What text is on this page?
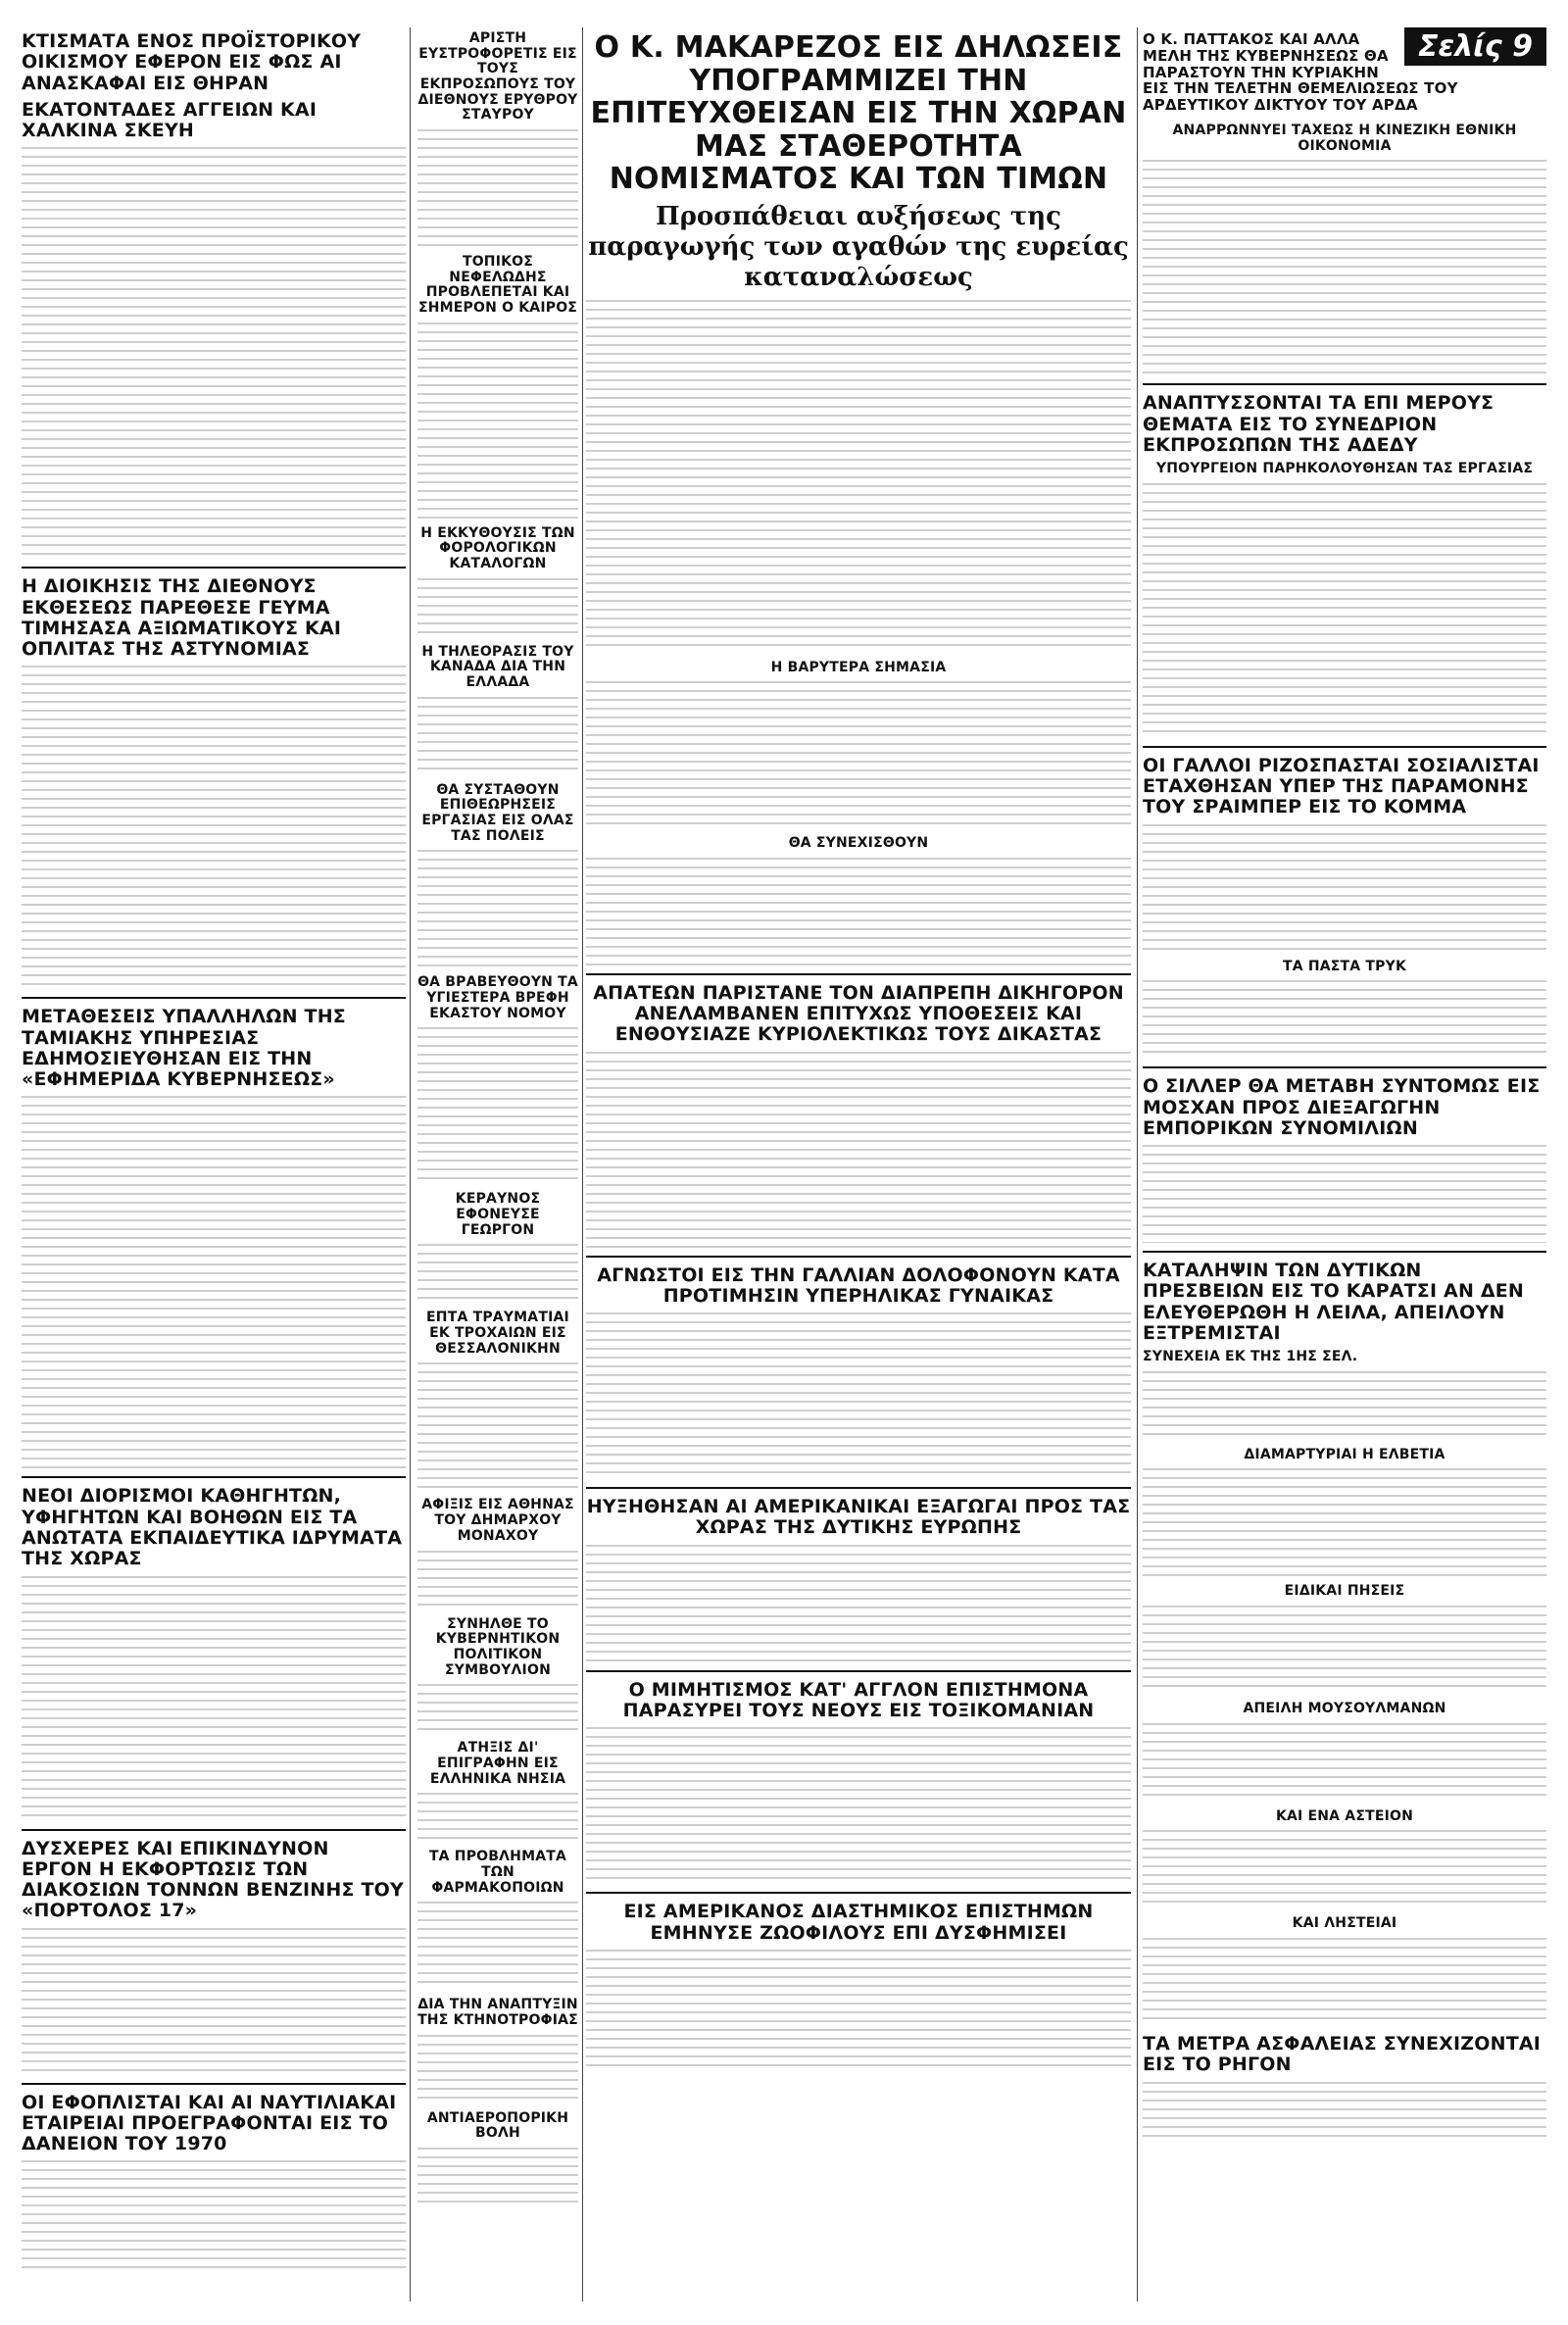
ΚΤΙΣΜΑΤΑ ΕΝΟΣ ΠΡΟΪΣΤΟΡΙΚΟΥ ΟΙΚΙΣΜΟΥ ΕΦΕΡΟΝ ΕΙΣ ΦΩΣ ΑΙ ΑΝΑΣΚΑΦΑΙ ΕΙΣ ΘΗΡΑΝ
ΕΚΑΤΟΝΤΑΔΕΣ ΑΓΓΕΙΩΝ ΚΑΙ ΧΑΛΚΙΝΑ ΣΚΕΥΗ
Η ΔΙΟΙΚΗΣΙΣ ΤΗΣ ΔΙΕΘΝΟΥΣ ΕΚΘΕΣΕΩΣ ΠΑΡΕΘΕΣΕ ΓΕΥΜΑ ΤΙΜΗΣΑΣΑ ΑΞΙΩΜΑΤΙΚΟΥΣ ΚΑΙ ΟΠΛΙΤΑΣ ΤΗΣ ΑΣΤΥΝΟΜΙΑΣ
ΜΕΤΑΘΕΣΕΙΣ ΥΠΑΛΛΗΛΩΝ ΤΗΣ ΤΑΜΙΑΚΗΣ ΥΠΗΡΕΣΙΑΣ ΕΔΗΜΟΣΙΕΥΘΗΣΑΝ ΕΙΣ ΤΗΝ «ΕΦΗΜΕΡΙΔΑ ΚΥΒΕΡΝΗΣΕΩΣ»
ΝΕΟΙ ΔΙΟΡΙΣΜΟΙ ΚΑΘΗΓΗΤΩΝ, ΥΦΗΓΗΤΩΝ ΚΑΙ ΒΟΗΘΩΝ ΕΙΣ ΤΑ ΑΝΩΤΑΤΑ ΕΚΠΑΙΔΕΥΤΙΚΑ ΙΔΡΥΜΑΤΑ ΤΗΣ ΧΩΡΑΣ
ΔΥΣΧΕΡΕΣ ΚΑΙ ΕΠΙΚΙΝΔΥΝΟΝ ΕΡΓΟΝ Η ΕΚΦΟΡΤΩΣΙΣ ΤΩΝ ΔΙΑΚΟΣΙΩΝ ΤΟΝΝΩΝ ΒΕΝΖΙΝΗΣ ΤΟΥ «ΠΟΡΤΟΛΟΣ 17»
ΟΙ ΕΦΟΠΛΙΣΤΑΙ ΚΑΙ ΑΙ ΝΑΥΤΙΛΙΑΚΑΙ ΕΤΑΙΡΕΙΑΙ ΠΡΟΕΓΡΑΦΟΝΤΑΙ ΕΙΣ ΤΟ ΔΑΝΕΙΟΝ ΤΟΥ 1970
ΑΡΙΣΤΗ ΕΥΣΤΡΟΦΟΡΕΤΙΣ ΕΙΣ ΤΟΥΣ ΕΚΠΡΟΣΩΠΟΥΣ ΤΟΥ ΔΙΕΘΝΟΥΣ ΕΡΥΘΡΟΥ ΣΤΑΥΡΟΥ
ΤΟΠΙΚΟΣ ΝΕΦΕΛΩΔΗΣ ΠΡΟΒΛΕΠΕΤΑΙ ΚΑΙ ΣΗΜΕΡΟΝ Ο ΚΑΙΡΟΣ
Η ΕΚΚΥΘΟΥΣΙΣ ΤΩΝ ΦΟΡΟΛΟΓΙΚΩΝ ΚΑΤΑΛΟΓΩΝ
Η ΤΗΛΕΟΡΑΣΙΣ ΤΟΥ ΚΑΝΑΔΑ ΔΙΑ ΤΗΝ ΕΛΛΑΔΑ
ΘΑ ΣΥΣΤΑΘΟΥΝ ΕΠΙΘΕΩΡΗΣΕΙΣ ΕΡΓΑΣΙΑΣ ΕΙΣ ΟΛΑΣ ΤΑΣ ΠΟΛΕΙΣ
ΘΑ ΒΡΑΒΕΥΘΟΥΝ ΤΑ ΥΓΙΕΣΤΕΡΑ ΒΡΕΦΗ ΕΚΑΣΤΟΥ ΝΟΜΟΥ
ΚΕΡΑΥΝΟΣ ΕΦΟΝΕΥΣΕ ΓΕΩΡΓΟΝ
ΕΠΤΑ ΤΡΑΥΜΑΤΙΑΙ ΕΚ ΤΡΟΧΑΙΩΝ ΕΙΣ ΘΕΣΣΑΛΟΝΙΚΗΝ
ΑΦΙΞΙΣ ΕΙΣ ΑΘΗΝΑΣ ΤΟΥ ΔΗΜΑΡΧΟΥ ΜΟΝΑΧΟΥ
ΣΥΝΗΛΘΕ ΤΟ ΚΥΒΕΡΝΗΤΙΚΟΝ ΠΟΛΙΤΙΚΟΝ ΣΥΜΒΟΥΛΙΟΝ
ΑΤΗΞΙΣ ΔΙ' ΕΠΙΓΡΑΦΗΝ ΕΙΣ ΕΛΛΗΝΙΚΑ ΝΗΣΙΑ
ΤΑ ΠΡΟΒΛΗΜΑΤΑ ΤΩΝ ΦΑΡΜΑΚΟΠΟΙΩΝ
ΔΙΑ ΤΗΝ ΑΝΑΠΤΥΞΙΝ ΤΗΣ ΚΤΗΝΟΤΡΟΦΙΑΣ
ΑΝΤΙΑΕΡΟΠΟΡΙΚΗ ΒΟΛΗ
Ο Κ. ΜΑΚΑΡΕΖΟΣ ΕΙΣ ΔΗΛΩΣΕΙΣ ΥΠΟΓΡΑΜΜΙΖΕΙ ΤΗΝ ΕΠΙΤΕΥΧΘΕΙΣΑΝ ΕΙΣ ΤΗΝ ΧΩΡΑΝ ΜΑΣ ΣΤΑΘΕΡΟΤΗΤΑ ΝΟΜΙΣΜΑΤΟΣ ΚΑΙ ΤΩΝ ΤΙΜΩΝ
Προσπάθειαι αυξήσεως της παραγωγής των αγαθών της ευρείας καταναλώσεως
Η ΒΑΡΥΤΕΡΑ ΣΗΜΑΣΙΑ
ΘΑ ΣΥΝΕΧΙΣΘΟΥΝ
ΑΠΑΤΕΩΝ ΠΑΡΙΣΤΑΝΕ ΤΟΝ ΔΙΑΠΡΕΠΗ ΔΙΚΗΓΟΡΟΝ ΑΝΕΛΑΜΒΑΝΕΝ ΕΠΙΤΥΧΩΣ ΥΠΟΘΕΣΕΙΣ ΚΑΙ ΕΝΘΟΥΣΙΑΖΕ ΚΥΡΙΟΛΕΚΤΙΚΩΣ ΤΟΥΣ ΔΙΚΑΣΤΑΣ
ΑΓΝΩΣΤΟΙ ΕΙΣ ΤΗΝ ΓΑΛΛΙΑΝ ΔΟΛΟΦΟΝΟΥΝ ΚΑΤΑ ΠΡΟΤΙΜΗΣΙΝ ΥΠΕΡΗΛΙΚΑΣ ΓΥΝΑΙΚΑΣ
ΗΥΞΗΘΗΣΑΝ ΑΙ ΑΜΕΡΙΚΑΝΙΚΑΙ ΕΞΑΓΩΓΑΙ ΠΡΟΣ ΤΑΣ ΧΩΡΑΣ ΤΗΣ ΔΥΤΙΚΗΣ ΕΥΡΩΠΗΣ
Ο ΜΙΜΗΤΙΣΜΟΣ ΚΑΤ' ΑΓΓΛΟΝ ΕΠΙΣΤΗΜΟΝΑ ΠΑΡΑΣΥΡΕΙ ΤΟΥΣ ΝΕΟΥΣ ΕΙΣ ΤΟΞΙΚΟΜΑΝΙΑΝ
ΕΙΣ ΑΜΕΡΙΚΑΝΟΣ ΔΙΑΣΤΗΜΙΚΟΣ ΕΠΙΣΤΗΜΩΝ ΕΜΗΝΥΣΕ ΖΩΟΦΙΛΟΥΣ ΕΠΙ ΔΥΣΦΗΜΙΣΕΙ
Σελίς 9
Ο Κ. ΠΑΤΤΑΚΟΣ ΚΑΙ ΑΛΛΑ ΜΕΛΗ ΤΗΣ ΚΥΒΕΡΝΗΣΕΩΣ ΘΑ ΠΑΡΑΣΤΟΥΝ ΤΗΝ ΚΥΡΙΑΚΗΝ ΕΙΣ ΤΗΝ ΤΕΛΕΤΗΝ ΘΕΜΕΛΙΩΣΕΩΣ ΤΟΥ ΑΡΔΕΥΤΙΚΟΥ ΔΙΚΤΥΟΥ ΤΟΥ ΑΡΔΑ
ΑΝΑΡΡΩΝΝΥΕΙ ΤΑΧΕΩΣ Η ΚΙΝΕΖΙΚΗ ΕΘΝΙΚΗ ΟΙΚΟΝΟΜΙΑ
ΑΝΑΠΤΥΣΣΟΝΤΑΙ ΤΑ ΕΠΙ ΜΕΡΟΥΣ ΘΕΜΑΤΑ ΕΙΣ ΤΟ ΣΥΝΕΔΡΙΟΝ ΕΚΠΡΟΣΩΠΩΝ ΤΗΣ ΑΔΕΔΥ
ΥΠΟΥΡΓΕΙΟΝ ΠΑΡΗΚΟΛΟΥΘΗΣΑΝ ΤΑΣ ΕΡΓΑΣΙΑΣ
ΟΙ ΓΑΛΛΟΙ ΡΙΖΟΣΠΑΣΤΑΙ ΣΟΣΙΑΛΙΣΤΑΙ ΕΤΑΧΘΗΣΑΝ ΥΠΕΡ ΤΗΣ ΠΑΡΑΜΟΝΗΣ ΤΟΥ ΣΡΑΙΜΠΕΡ ΕΙΣ ΤΟ ΚΟΜΜΑ
ΤΑ ΠΑΣΤΑ ΤΡΥΚ
Ο ΣΙΛΛΕΡ ΘΑ ΜΕΤΑΒΗ ΣΥΝΤΟΜΩΣ ΕΙΣ ΜΟΣΧΑΝ ΠΡΟΣ ΔΙΕΞΑΓΩΓΗΝ ΕΜΠΟΡΙΚΩΝ ΣΥΝΟΜΙΛΙΩΝ
ΚΑΤΑΛΗΨΙΝ ΤΩΝ ΔΥΤΙΚΩΝ ΠΡΕΣΒΕΙΩΝ ΕΙΣ ΤΟ ΚΑΡΑΤΣΙ ΑΝ ΔΕΝ ΕΛΕΥΘΕΡΩΘΗ Η ΛΕΙΛΑ, ΑΠΕΙΛΟΥΝ ΕΞΤΡΕΜΙΣΤΑΙ
ΣΥΝΕΧΕΙΑ ΕΚ ΤΗΣ 1ΗΣ ΣΕΛ.
ΔΙΑΜΑΡΤΥΡΙΑΙ Η ΕΛΒΕΤΙΑ
ΕΙΔΙΚΑΙ ΠΗΣΕΙΣ
ΑΠΕΙΛΗ ΜΟΥΣΟΥΛΜΑΝΩΝ
ΚΑΙ ΕΝΑ ΑΣΤΕΙΟΝ
ΚΑΙ ΛΗΣΤΕΙΑΙ
ΤΑ ΜΕΤΡΑ ΑΣΦΑΛΕΙΑΣ ΣΥΝΕΧΙΖΟΝΤΑΙ ΕΙΣ ΤΟ ΡΗΓΟΝ
